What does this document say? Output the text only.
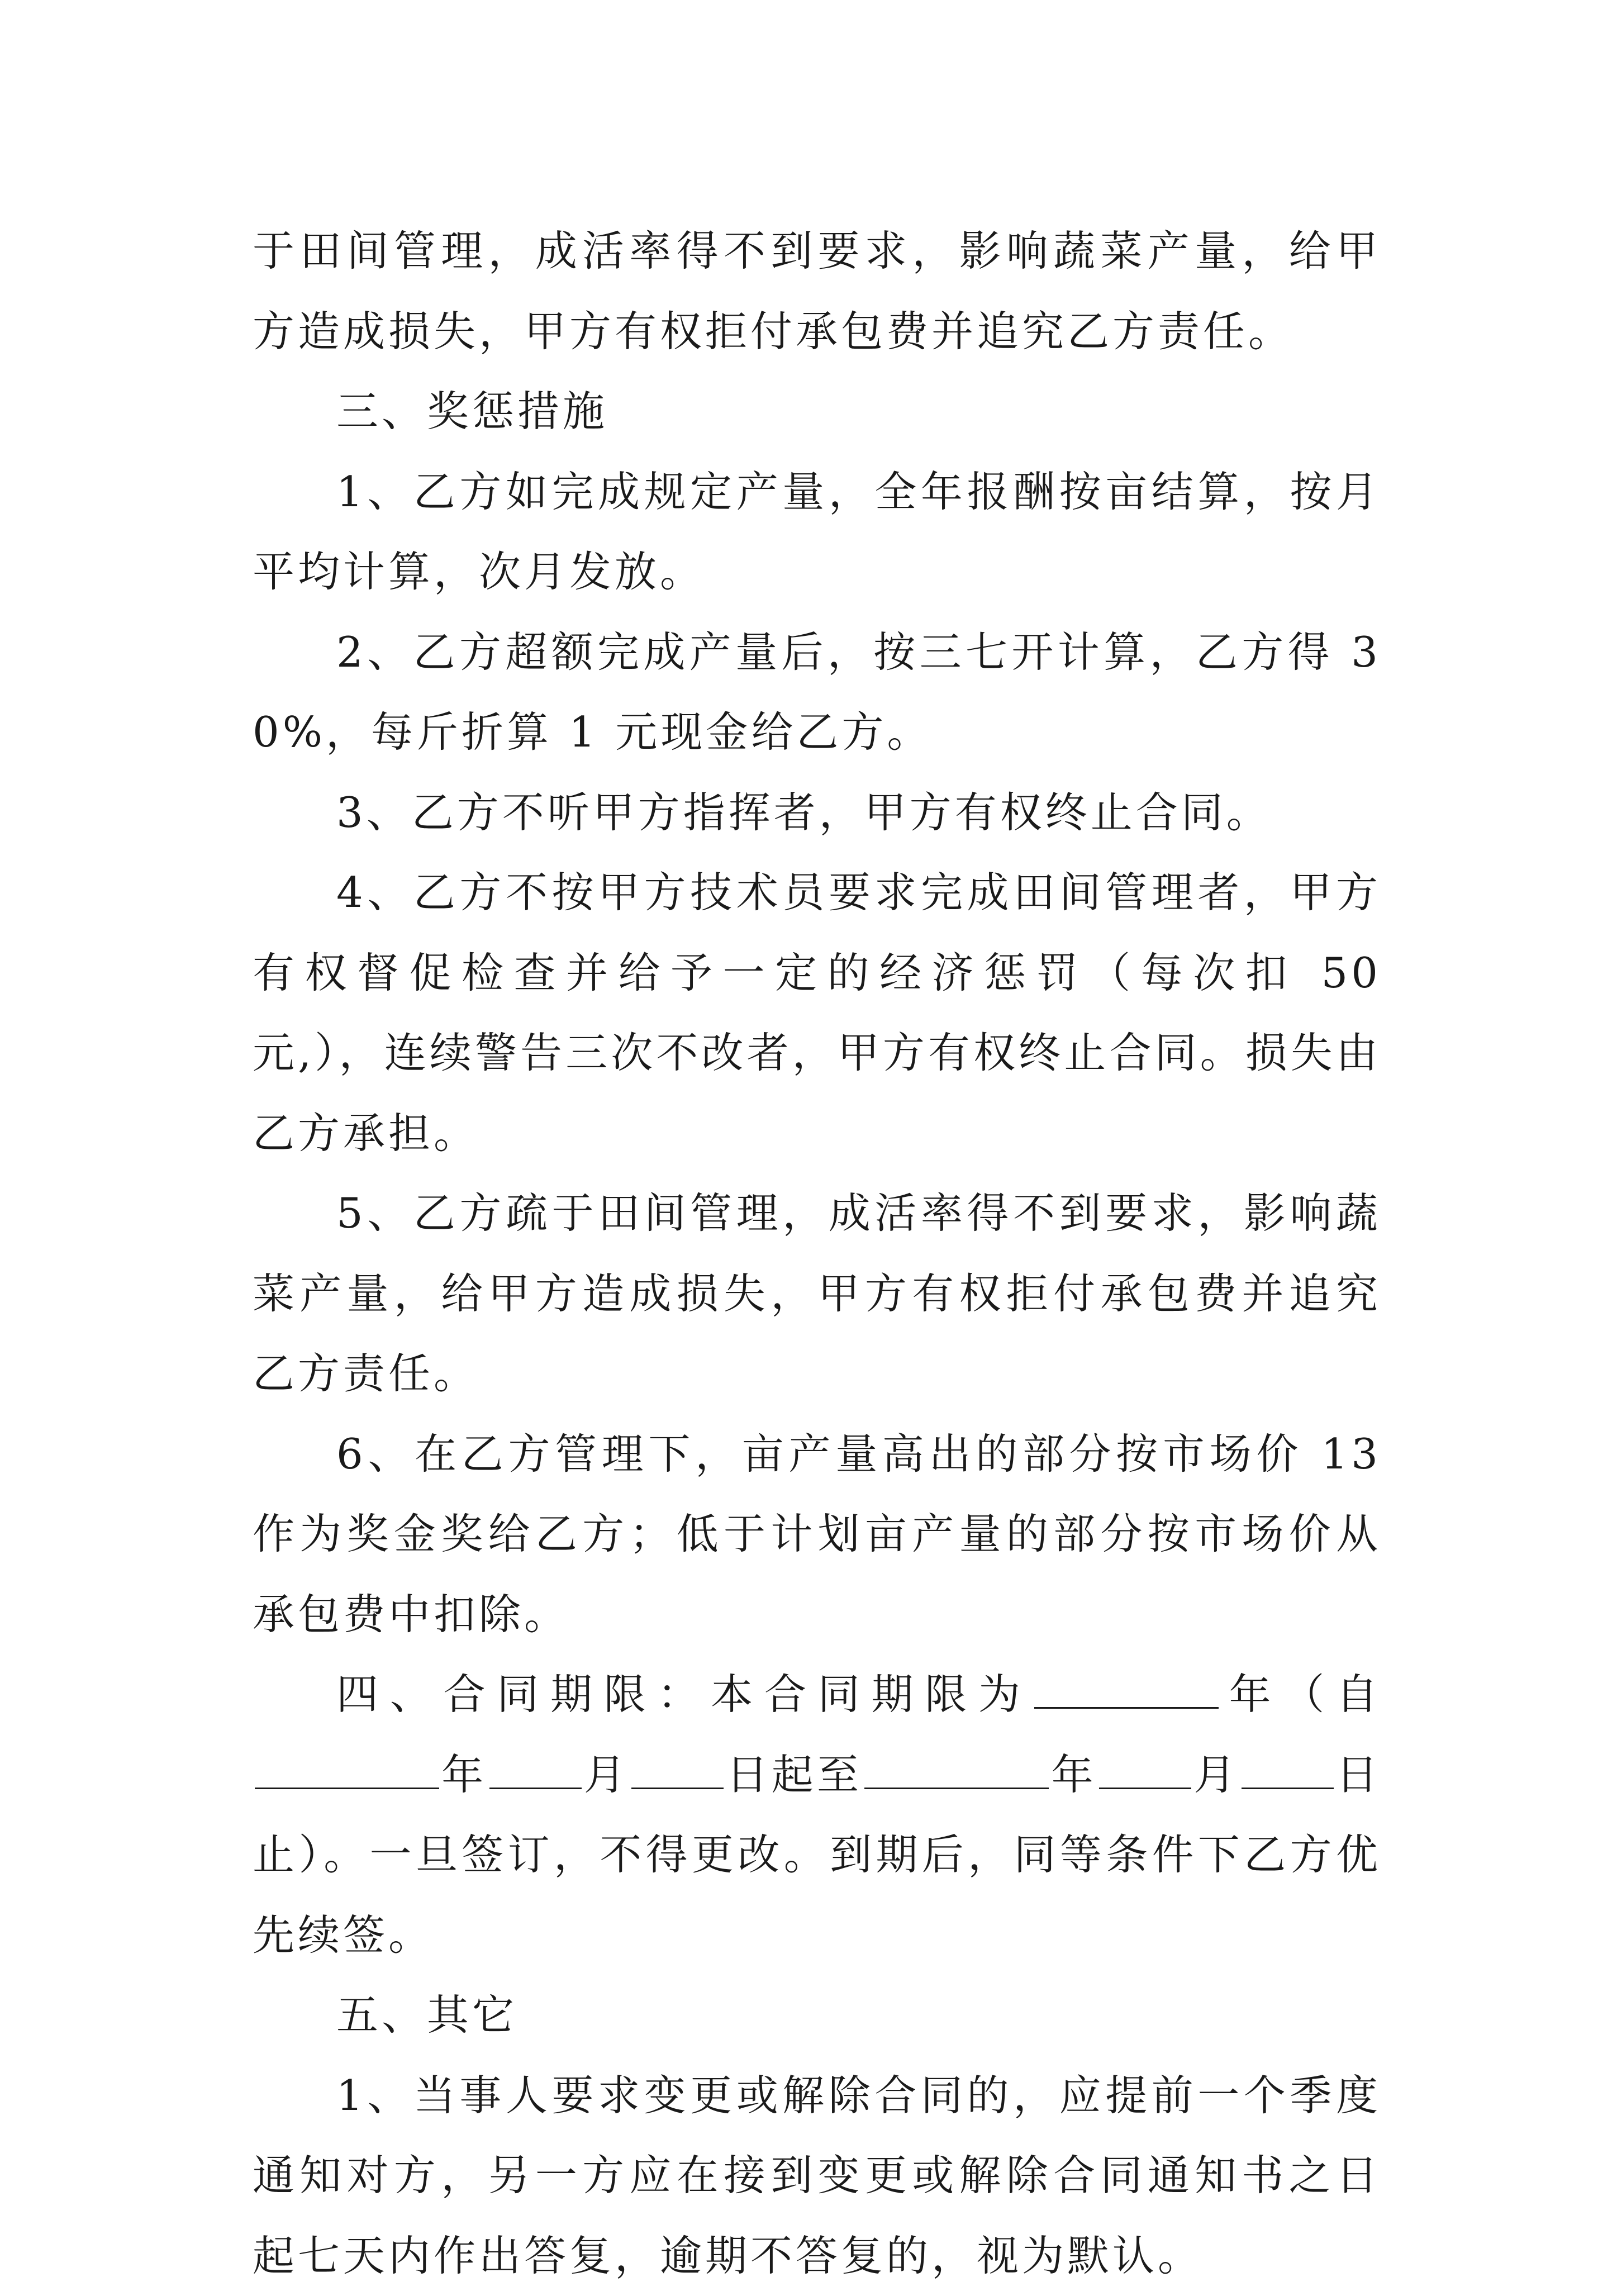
于田间管理，成活率得不到要求，影响蔬菜产量，给甲方造成损失，甲方有权拒付承包费并追究乙方责任。

三、奖惩措施

1、乙方如完成规定产量，全年报酬按亩结算，按月平均计算，次月发放。

2、乙方超额完成产量后，按三七开计算，乙方得 30%，每斤折算 1 元现金给乙方。

3、乙方不听甲方指挥者，甲方有权终止合同。

4、乙方不按甲方技术员要求完成田间管理者，甲方有权督促检查并给予一定的经济惩罚（每次扣 50 元,），连续警告三次不改者，甲方有权终止合同。损失由乙方承担。

5、乙方疏于田间管理，成活率得不到要求，影响蔬菜产量，给甲方造成损失，甲方有权拒付承包费并追究乙方责任。

6、在乙方管理下，亩产量高出的部分按市场价 13 作为奖金奖给乙方；低于计划亩产量的部分按市场价从承包费中扣除。

四、合同期限：本合同期限为	年（自年 月 日起至	年 月 日止）。一旦签订，不得更改。到期后，同等条件下乙方优先续签。

五、其它

1、当事人要求变更或解除合同的，应提前一个季度通知对方，另一方应在接到变更或解除合同通知书之日起七天内作出答复，逾期不答复的，视为默认。
